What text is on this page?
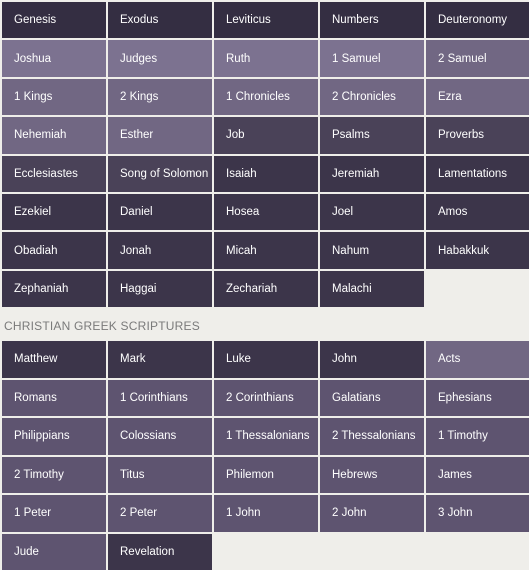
Genesis	Exodus	Leviticus	Numbers	Deuteronomy
Joshua	Judges	Ruth	1 Samuel	2 Samuel
1 Kings	2 Kings	1 Chronicles	2 Chronicles	Ezra
Nehemiah	Esther	Job	Psalms	Proverbs
Ecclesiastes	Song of Solomon	Isaiah	Jeremiah	Lamentations
Ezekiel	Daniel	Hosea	Joel	Amos
Obadiah	Jonah	Micah	Nahum	Habakkuk
Zephaniah	Haggai	Zechariah	Malachi
CHRISTIAN GREEK SCRIPTURES
Matthew	Mark	Luke	John	Acts
Romans	1 Corinthians	2 Corinthians	Galatians	Ephesians
Philippians	Colossians	1 Thessalonians	2 Thessalonians	1 Timothy
2 Timothy	Titus	Philemon	Hebrews	James
1 Peter	2 Peter	1 John	2 John	3 John
Jude	Revelation
